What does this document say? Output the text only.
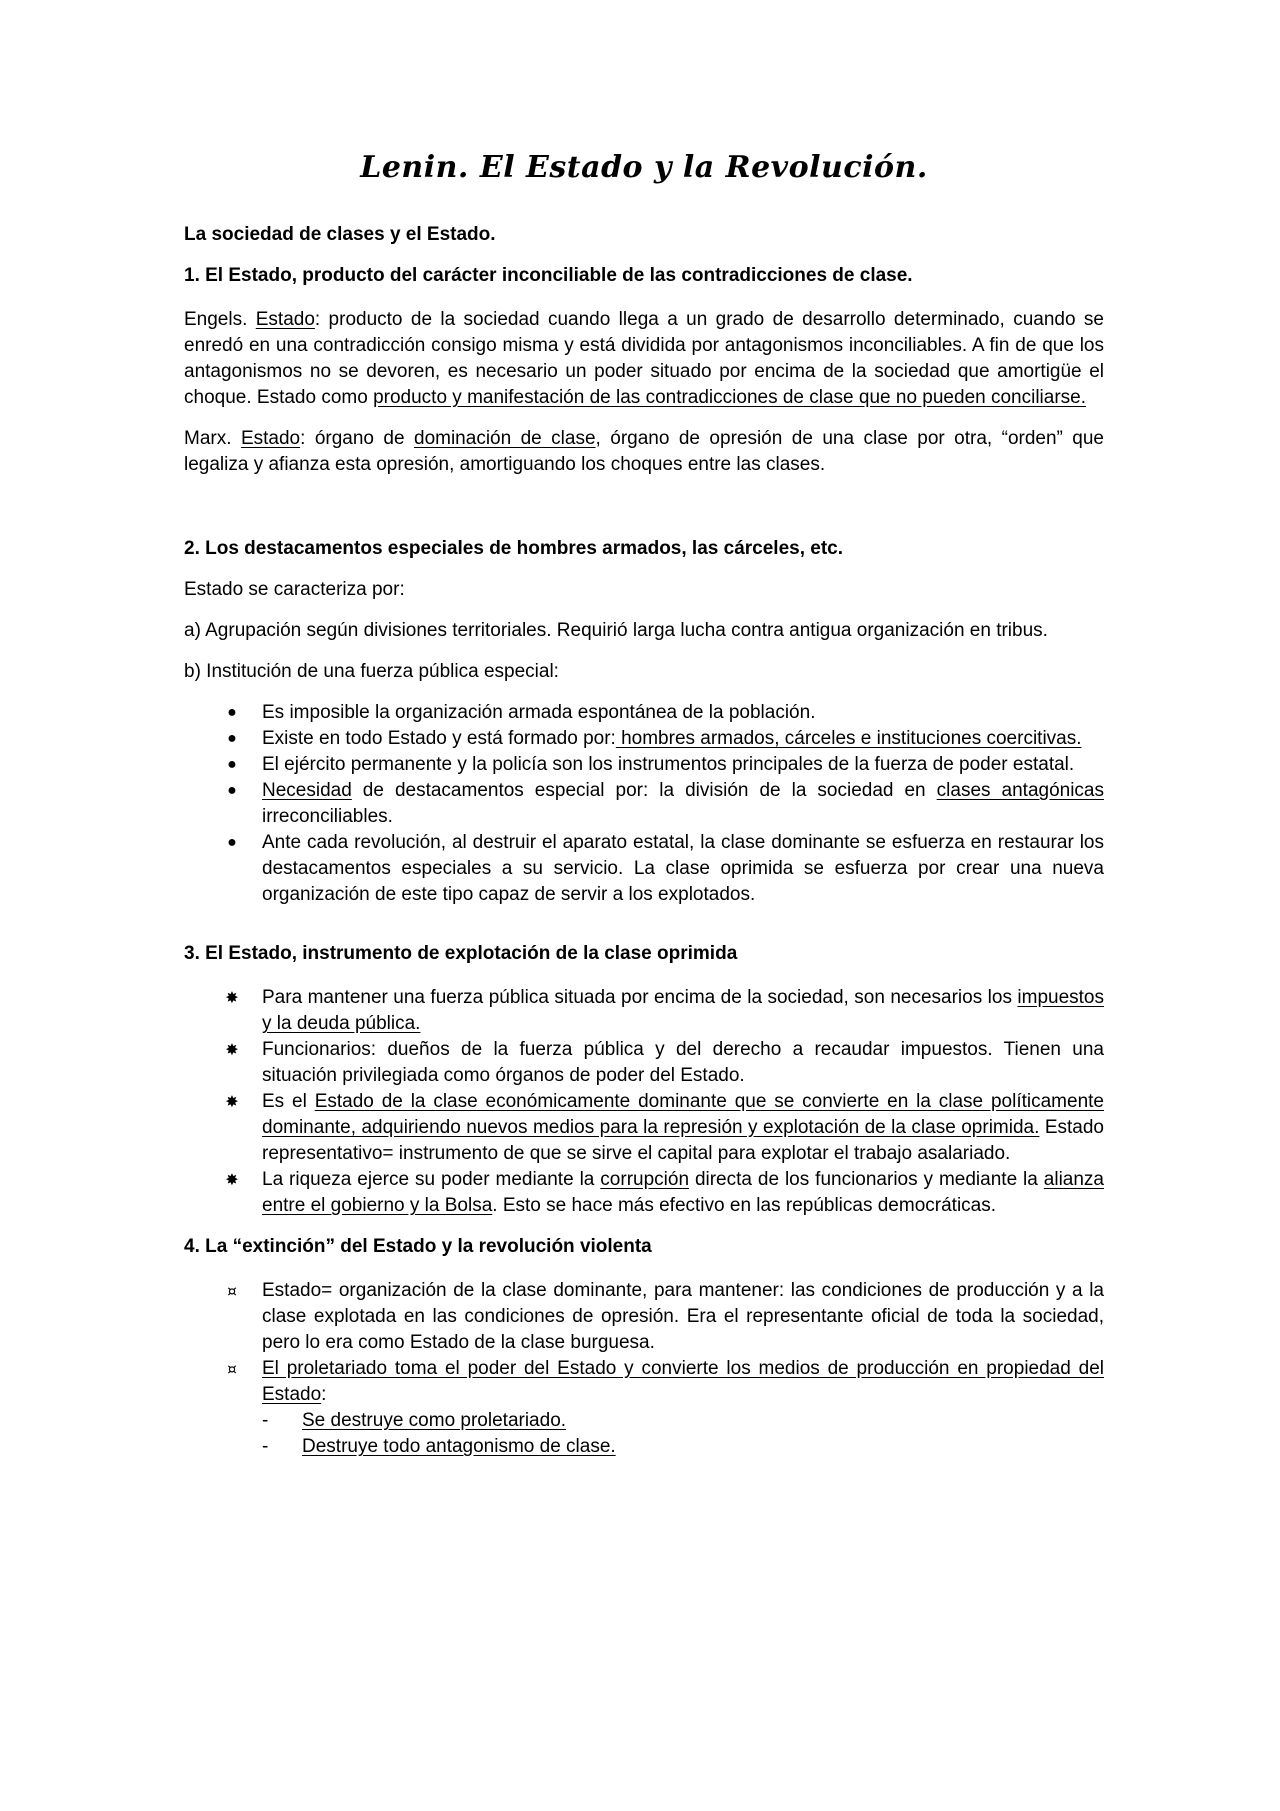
Lenin. El Estado y la Revolución.

La sociedad de clases y el Estado.

1. El Estado, producto del carácter inconciliable de las contradicciones de clase.

Engels. Estado: producto de la sociedad cuando llega a un grado de desarrollo determinado, cuando se enredó en una contradicción consigo misma y está dividida por antagonismos inconciliables. A fin de que los antagonismos no se devoren, es necesario un poder situado por encima de la sociedad que amortigüe el choque. Estado como producto y manifestación de las contradicciones de clase que no pueden conciliarse.

Marx. Estado: órgano de dominación de clase, órgano de opresión de una clase por otra, “orden” que legaliza y afianza esta opresión, amortiguando los choques entre las clases.

2. Los destacamentos especiales de hombres armados, las cárceles, etc.

Estado se caracteriza por:

a) Agrupación según divisiones territoriales. Requirió larga lucha contra antigua organización en tribus.

b) Institución de una fuerza pública especial:

● Es imposible la organización armada espontánea de la población.
● Existe en todo Estado y está formado por: hombres armados, cárceles e instituciones coercitivas.
● El ejército permanente y la policía son los instrumentos principales de la fuerza de poder estatal.
● Necesidad de destacamentos especial por: la división de la sociedad en clases antagónicas irreconciliables.
● Ante cada revolución, al destruir el aparato estatal, la clase dominante se esfuerza en restaurar los destacamentos especiales a su servicio. La clase oprimida se esfuerza por crear una nueva organización de este tipo capaz de servir a los explotados.

3. El Estado, instrumento de explotación de la clase oprimida

✸ Para mantener una fuerza pública situada por encima de la sociedad, son necesarios los impuestos y la deuda pública.
✸ Funcionarios: dueños de la fuerza pública y del derecho a recaudar impuestos. Tienen una situación privilegiada como órganos de poder del Estado.
✸ Es el Estado de la clase económicamente dominante que se convierte en la clase políticamente dominante, adquiriendo nuevos medios para la represión y explotación de la clase oprimida. Estado representativo= instrumento de que se sirve el capital para explotar el trabajo asalariado.
✸ La riqueza ejerce su poder mediante la corrupción directa de los funcionarios y mediante la alianza entre el gobierno y la Bolsa. Esto se hace más efectivo en las repúblicas democráticas.

4. La “extinción” del Estado y la revolución violenta

¤ Estado= organización de la clase dominante, para mantener: las condiciones de producción y a la clase explotada en las condiciones de opresión. Era el representante oficial de toda la sociedad, pero lo era como Estado de la clase burguesa.
¤ El proletariado toma el poder del Estado y convierte los medios de producción en propiedad del Estado:
- Se destruye como proletariado.
- Destruye todo antagonismo de clase.
